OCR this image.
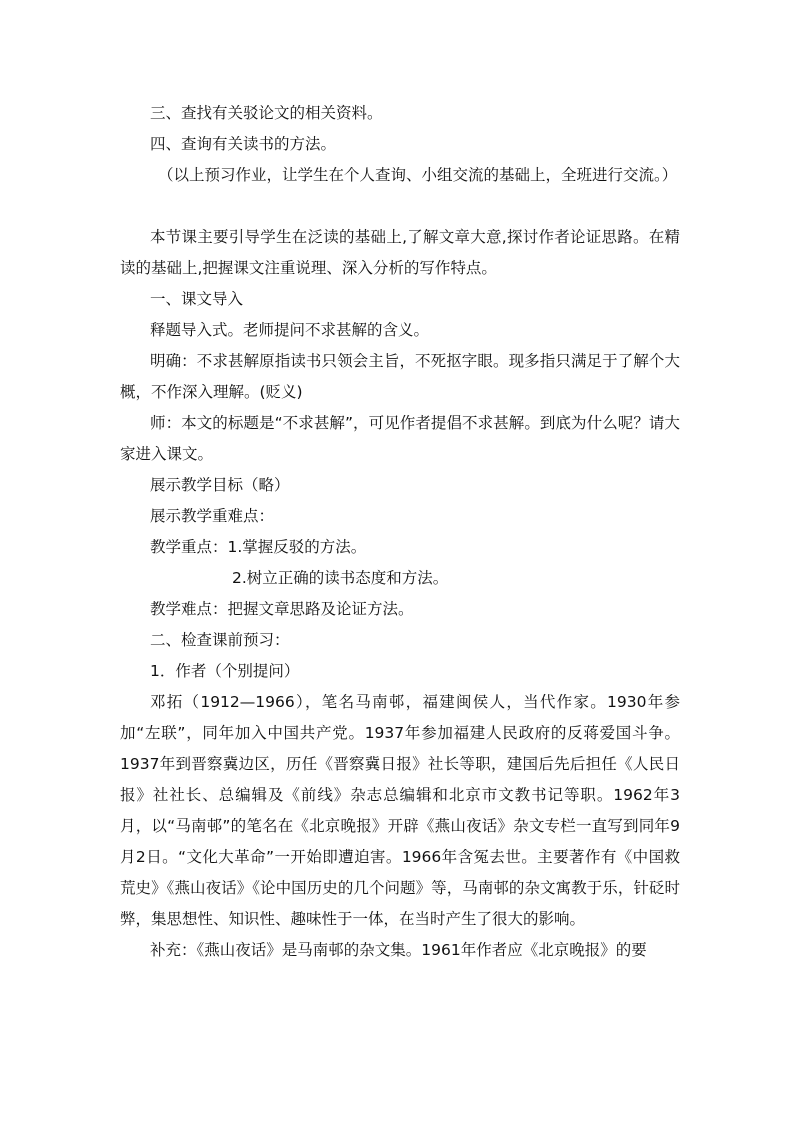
三、查找有关驳论文的相关资料。

四、查询有关读书的方法。

（以上预习作业，让学生在个人查询、小组交流的基础上，全班进行交流。）

本节课主要引导学生在泛读的基础上,了解文章大意,探讨作者论证思路。在精读的基础上,把握课文注重说理、深入分析的写作特点。

一、课文导入

释题导入式。老师提问不求甚解的含义。

明确：不求甚解原指读书只领会主旨，不死抠字眼。现多指只满足于了解个大概，不作深入理解。(贬义)

师：本文的标题是“不求甚解”，可见作者提倡不求甚解。到底为什么呢？请大家进入课文。

展示教学目标（略）

展示教学重难点：

教学重点：1.掌握反驳的方法。

2.树立正确的读书态度和方法。

教学难点：把握文章思路及论证方法。

二、检查课前预习：

1．作者（个别提问）

邓拓（1912—1966），笔名马南邨，福建闽侯人，当代作家。1930年参加“左联”，同年加入中国共产党。1937年参加福建人民政府的反蒋爱国斗争。1937年到晋察冀边区，历任《晋察冀日报》社长等职，建国后先后担任《人民日报》社社长、总编辑及《前线》杂志总编辑和北京市文教书记等职。1962年3月，以“马南邨”的笔名在《北京晚报》开辟《燕山夜话》杂文专栏一直写到同年9月2日。“文化大革命”一开始即遭迫害。1966年含冤去世。主要著作有《中国救荒史》《燕山夜话》《论中国历史的几个问题》等，马南邨的杂文寓教于乐，针砭时弊，集思想性、知识性、趣味性于一体，在当时产生了很大的影响。

补充：《燕山夜话》是马南邨的杂文集。1961年作者应《北京晚报》的要
